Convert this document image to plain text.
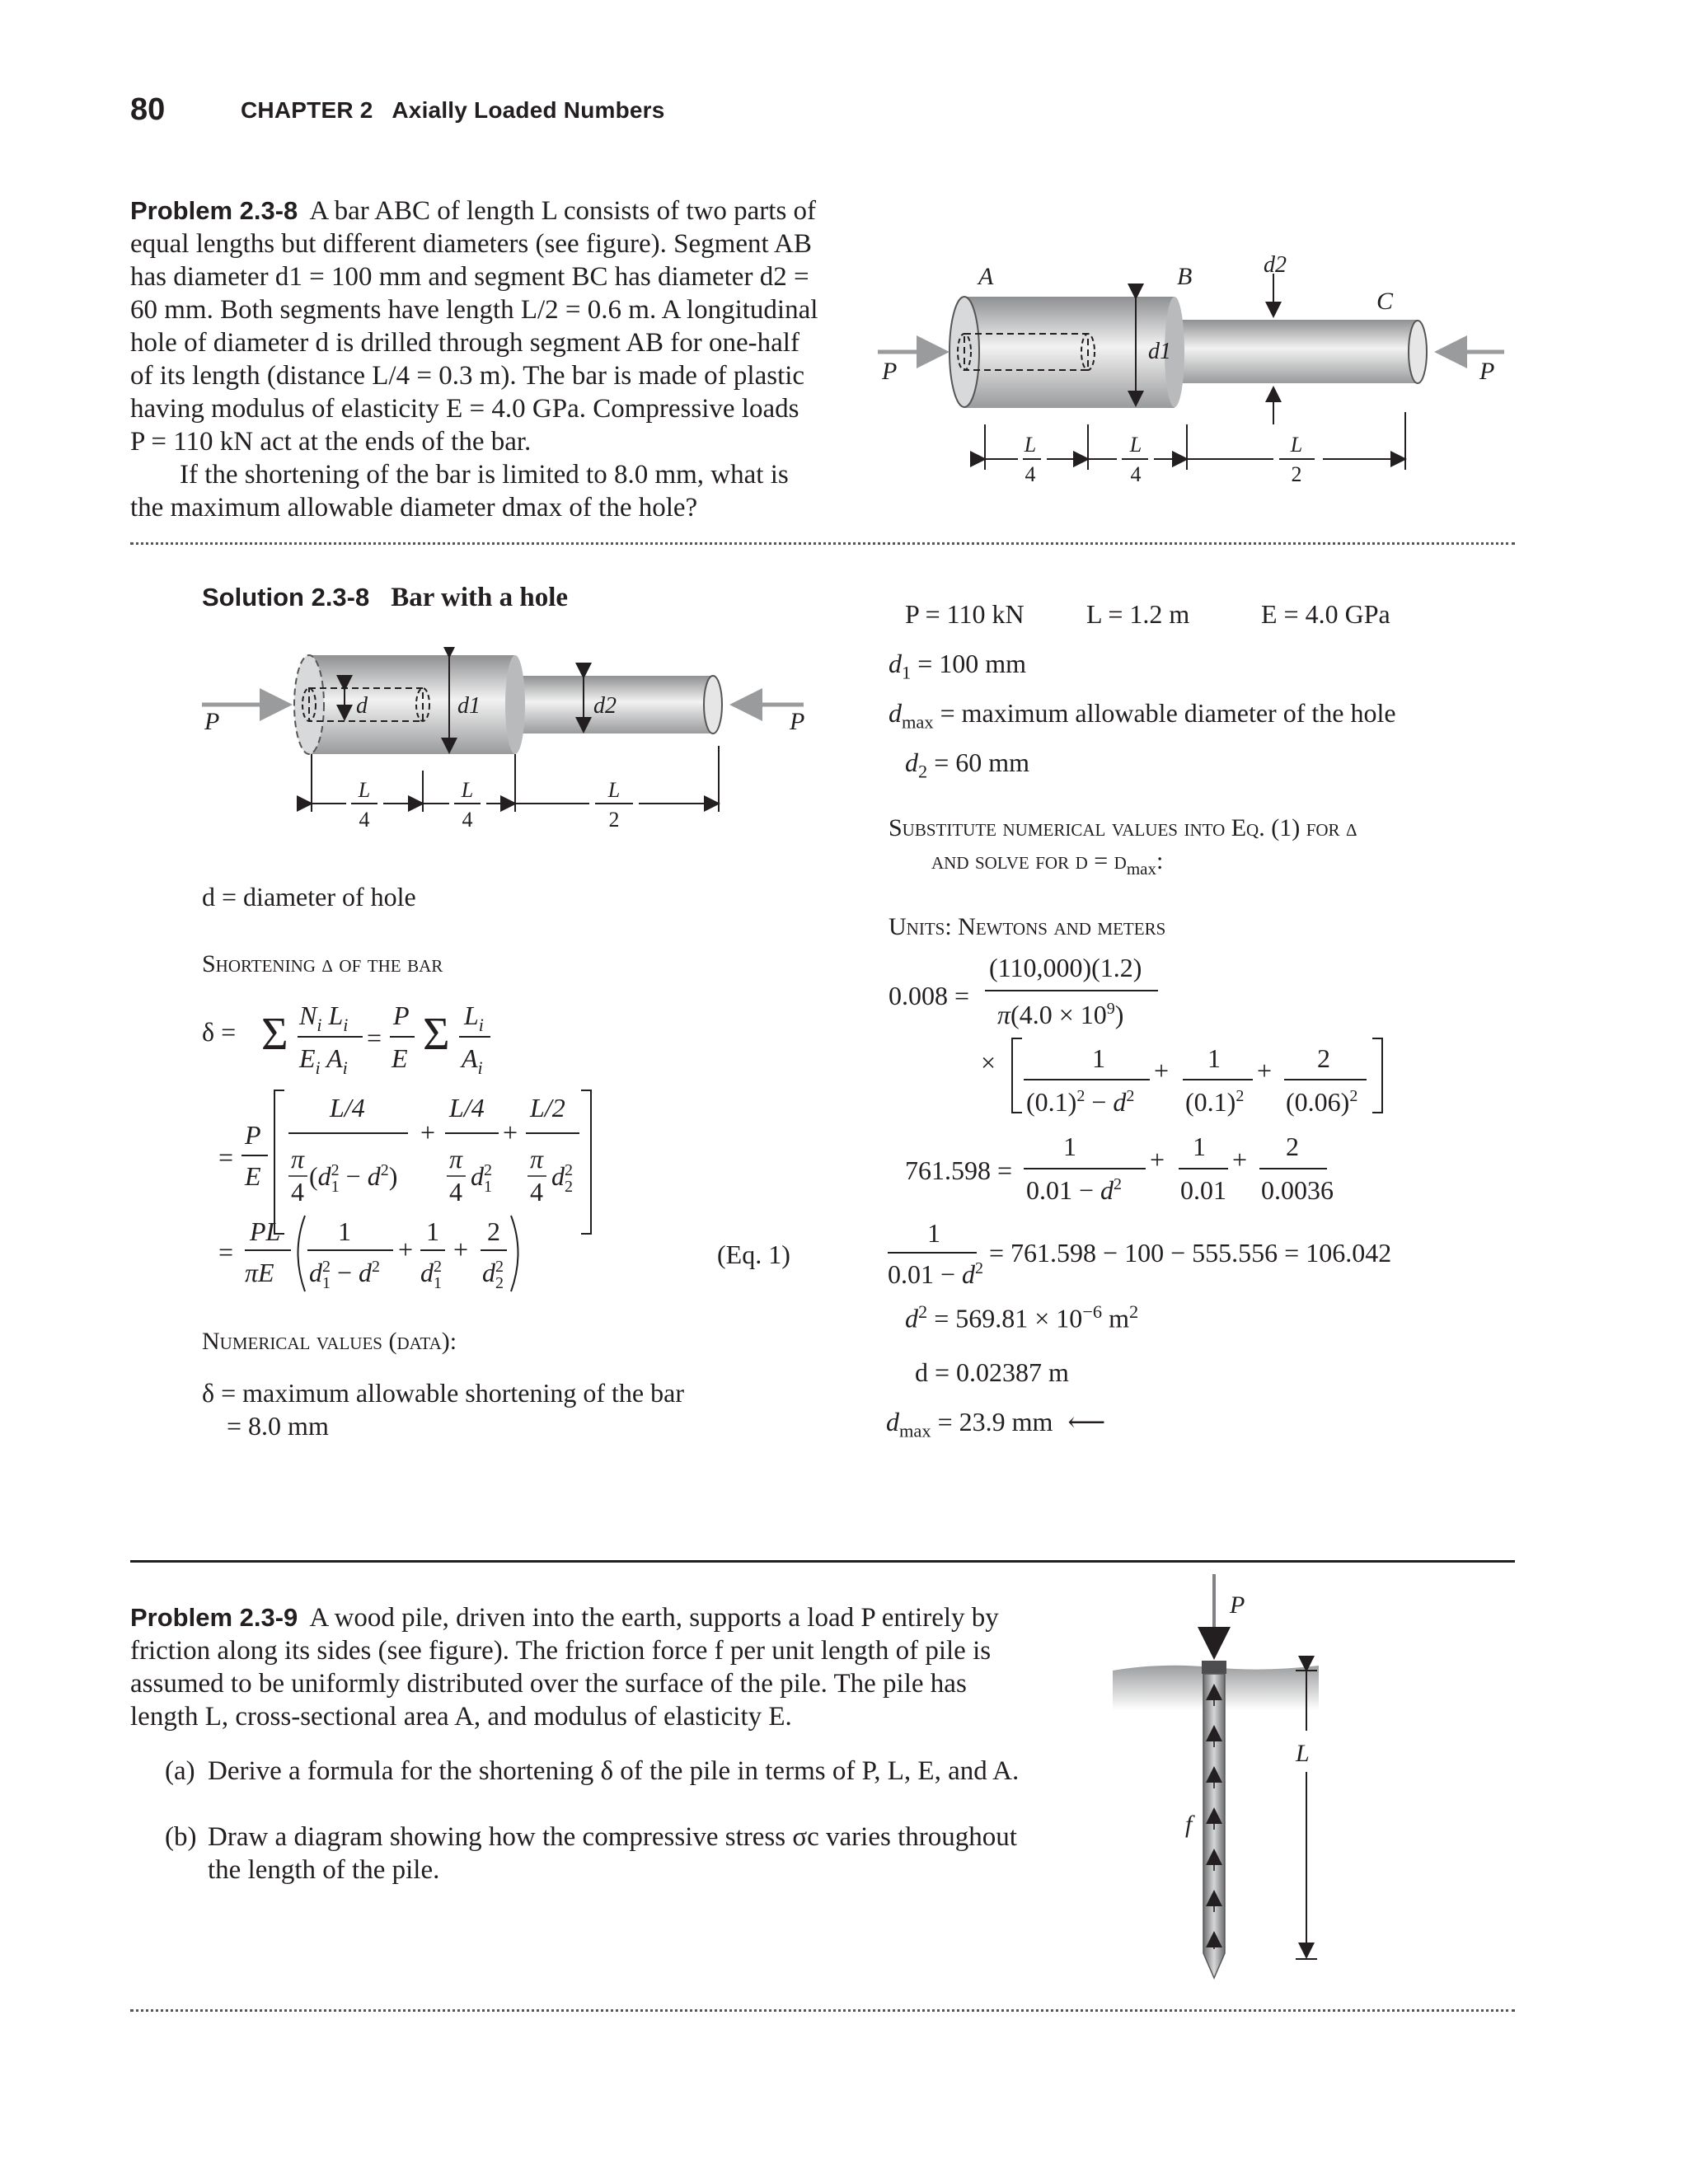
80	CHAPTER 2   Axially Loaded Numbers
Problem 2.3-8 A bar ABC of length L consists of two parts of equal lengths but different diameters (see figure). Segment AB has diameter d1 = 100 mm and segment BC has diameter d2 = 60 mm. Both segments have length L/2 = 0.6 m. A longitudinal hole of diameter d is drilled through segment AB for one-half of its length (distance L/4 = 0.3 m). The bar is made of plastic having modulus of elasticity E = 4.0 GPa. Compressive loads P = 110 kN act at the ends of the bar.
If the shortening of the bar is limited to 8.0 mm, what is the maximum allowable diameter dmax of the hole?
A	B
C
P	P
d1
d2
L
4
L
4
L
2
Solution 2.3-8 Bar with a hole
P	P
d	d1	d2
L
4
L
4
L
2
d = diameter of hole
Shortening δ of the bar
δ = Σ $N_i$ $L_i$
$E_i$ $A_i$
=
P
E Σ $L_i$
$A_i$
=
P
E
L/4
π
4
($d^2$ $1 - d^2$)
+
L/4
π
4
$d^2$ 1
+
L/2
π
4
$d^2$ 2
=
PL
πE
1
$d^2$ $1 - d^2$
+
1
$d^2$ 1
+
2
$d^2$ 2
(Eq. 1)
Numerical values (data):
δ = maximum allowable shortening of the bar
= 8.0 mm
P = 110 kN L = 1.2 m	E = 4.0 GPa
$d_1 = 100$ mm
$d_{max}$ = maximum allowable diameter of the hole
$d_2 = 60$ mm
Substitute numerical values into Eq. (1) for δ
and solve for $d = d_{max}$:
Units: Newtons and meters
0.008 =
(110,000)(1.2)
$\pi(4.0 \times 10^9)$
×	1
$(0.1)^2 - d^2$
+ 1
$(0.1)^2$
+ 2
$(0.06)^2$
1
$0.01 - d^2$
+ 1
0.01
+ 2
0.0036
761.598 =
1
$0.01 - d^2$
= 761.598 − 100 − 555.556 = 106.042
$d^2 = 569.81 \times 10^{-6}$ $m^2$
d = 0.02387 m
$d_{max} = 23.9$ mm ⟵
Problem 2.3-9 A wood pile, driven into the earth, supports a load P entirely by friction along its sides (see figure). The friction force f per unit length of pile is assumed to be uniformly distributed over the surface of the pile. The pile has length L, cross-sectional area A, and modulus of elasticity E.
(a) Derive a formula for the shortening δ of the pile in terms of P, L, E, and A.
(b) Draw a diagram showing how the compressive stress σc varies throughout the length of the pile.
P
f
L
